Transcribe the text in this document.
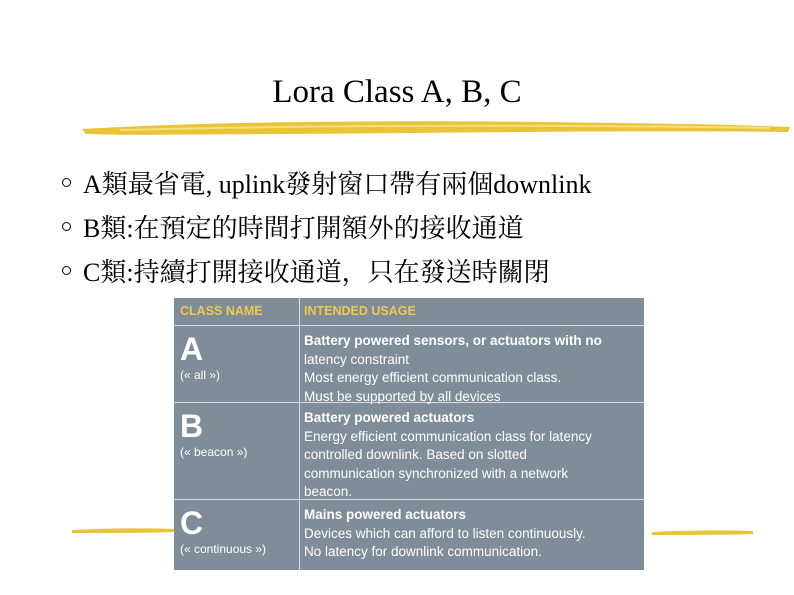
Lora Class A, B, C
A類最省電, uplink發射窗口帶有兩個downlink
B類:在預定的時間打開額外的接收通道
C類:持續打開接收通道，只在發送時關閉
CLASS NAME	INTENDED USAGE
A
(« all »)
Battery powered sensors, or actuators with no
latency constraint
Most energy efficient communication class.
Must be supported by all devices
B
(« beacon »)
Battery powered actuators
Energy efficient communication class for latency
controlled downlink. Based on slotted
communication synchronized with a network
beacon.
C
(« continuous »)
Mains powered actuators
Devices which can afford to listen continuously.
No latency for downlink communication.
